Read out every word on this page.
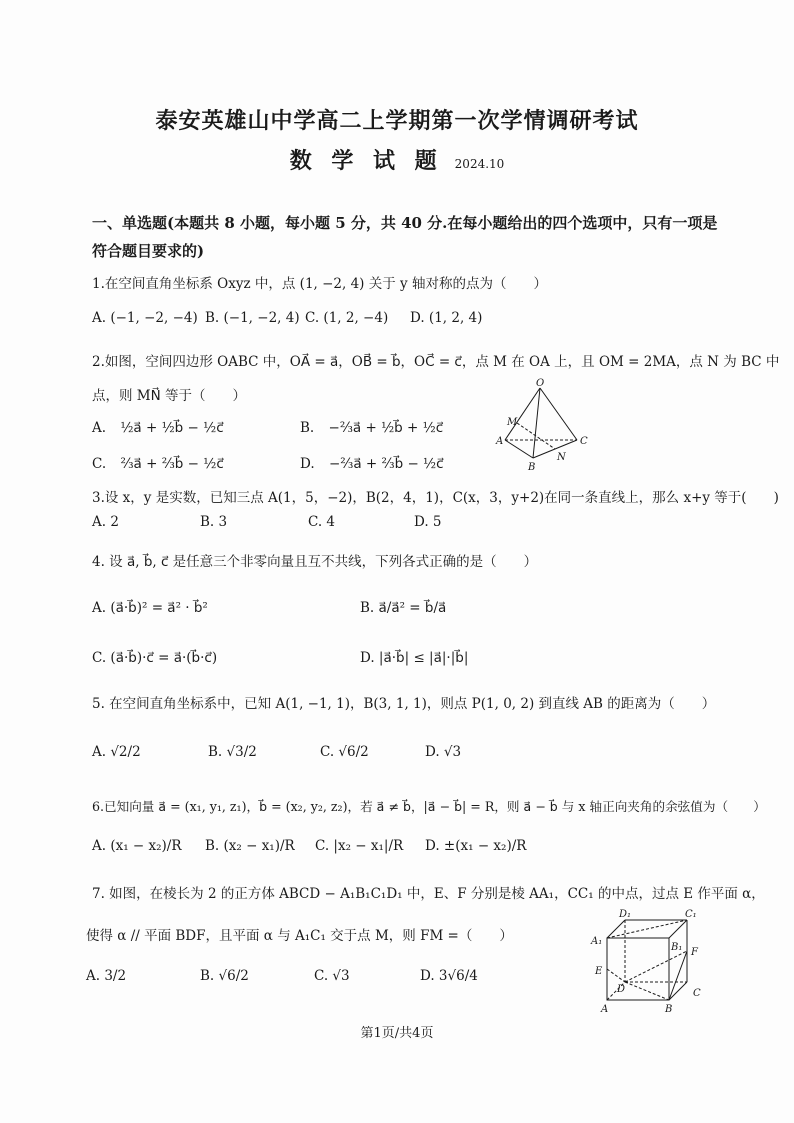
泰安英雄山中学高二上学期第一次学情调研考试
数 学 试 题 2024.10
一、单选题(本题共 8 小题，每小题 5 分，共 40 分.在每小题给出的四个选项中，只有一项是
符合题目要求的)
1.在空间直角坐标系 Oxyz 中，点 (1, −2, 4) 关于 y 轴对称的点为（　　）
A. (−1, −2, −4) B. (−1, −2, 4) C. (1, 2, −4) D. (1, 2, 4)
2.如图，空间四边形 OABC 中，OA⃗ = a⃗，OB⃗ = b⃗，OC⃗ = c⃗，点 M 在 OA 上，且 OM = 2MA，点 N 为 BC 中
点，则 MN⃗ 等于（　　）
A. ½a⃗ + ½b⃗ − ½c⃗	B. −⅔a⃗ + ½b⃗ + ½c⃗
C. ⅔a⃗ + ⅔b⃗ − ½c⃗	D. −⅔a⃗ + ⅔b⃗ − ½c⃗
O
M
A
B
N
C
3.设 x，y 是实数，已知三点 A(1，5，−2)，B(2，4，1)，C(x，3，y+2)在同一条直线上，那么 x+y 等于(　　)
A. 2	B. 3	C. 4	D. 5
4. 设 a⃗, b⃗, c⃗ 是任意三个非零向量且互不共线，下列各式正确的是（　　）
A. (a⃗·b⃗)² = a⃗² · b⃗²	B. a⃗/a⃗² = b⃗/a⃗
C. (a⃗·b⃗)·c⃗ = a⃗·(b⃗·c⃗)	D. |a⃗·b⃗| ≤ |a⃗|·|b⃗|
5. 在空间直角坐标系中，已知 A(1, −1, 1)，B(3, 1, 1)，则点 P(1, 0, 2) 到直线 AB 的距离为（　　）
A. √2/2	B. √3/2	C. √6/2	D. √3
6.已知向量 a⃗ = (x₁, y₁, z₁)，b⃗ = (x₂, y₂, z₂)，若 a⃗ ≠ b⃗，|a⃗ − b⃗| = R，则 a⃗ − b⃗ 与 x 轴正向夹角的余弦值为（　　）
A. (x₁ − x₂)/R B. (x₂ − x₁)/R C. |x₂ − x₁|/R D. ±(x₁ − x₂)/R
7. 如图，在棱长为 2 的正方体 ABCD − A₁B₁C₁D₁ 中，E、F 分别是棱 AA₁，CC₁ 的中点，过点 E 作平面 α，
使得 α // 平面 BDF，且平面 α 与 A₁C₁ 交于点 M，则 FM =（　　）
A. 3/2	B. √6/2	C. √3	D. 3√6/4
D₁	C₁
A₁
B₁ F
E
D	C
A	B
第1页/共4页
